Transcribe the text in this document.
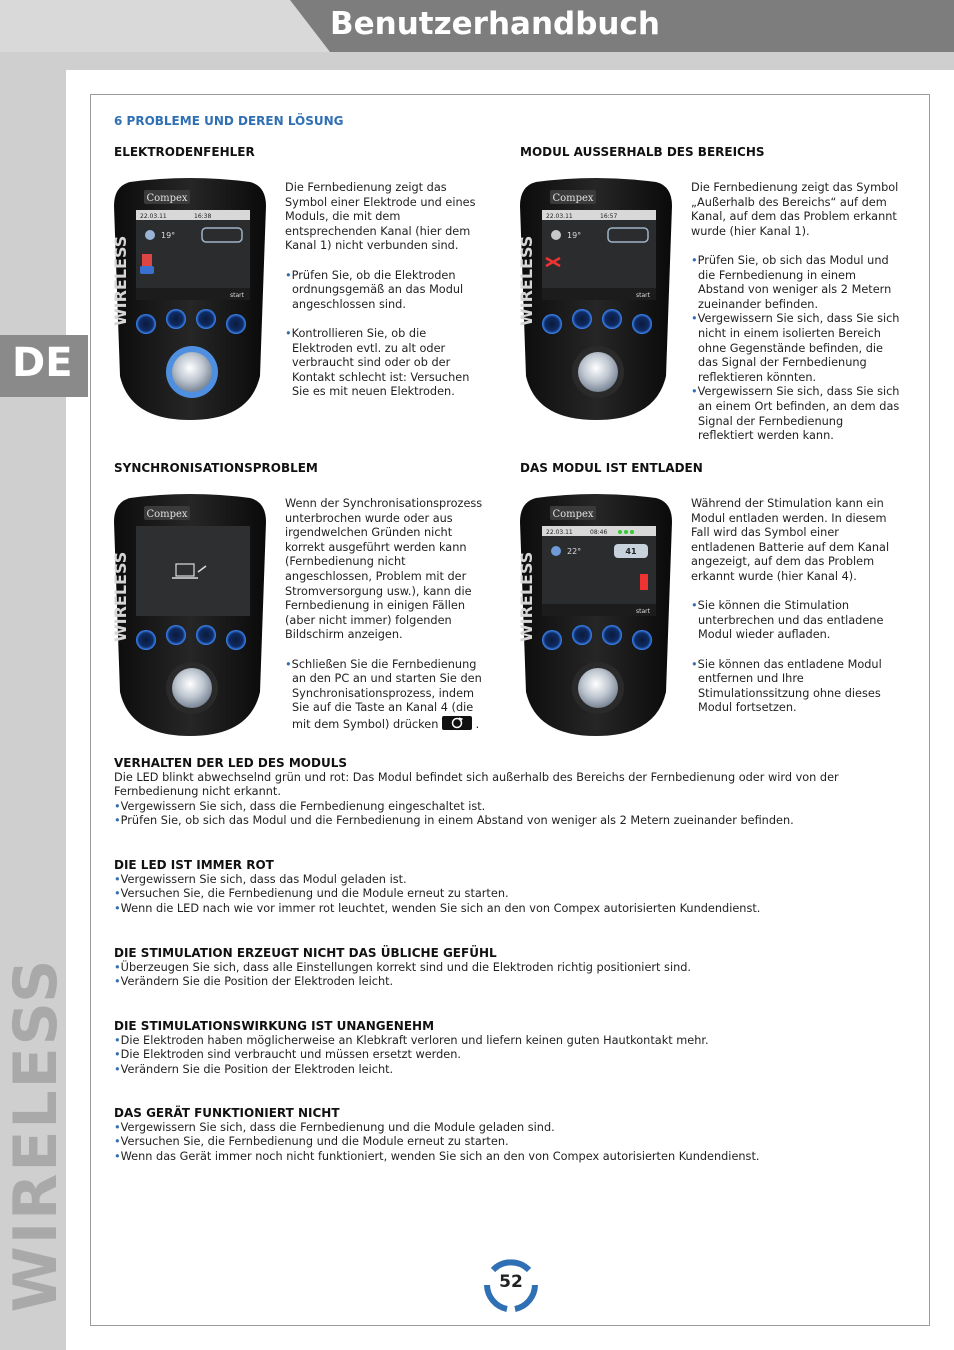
Benutzerhandbuch
DE
WIRELESS
6 PROBLEME UND DEREN LÖSUNG
ELEKTRODENFEHLER	MODUL AUSSERHALB DES BEREICHS
SYNCHRONISATIONSPROBLEM	DAS MODUL IST ENTLADEN
Compex
22.03.11	16:38
19°
start
WIRELESS
Compex
22.03.11	16:57
19°
start
WIRELESS
Compex
WIRELESS
Compex
22.03.11	08:46
22°	41
start
WIRELESS

Die Fernbedienung zeigt das Symbol einer Elektrode und eines Moduls, die mit dem entsprechenden Kanal (hier dem Kanal 1) nicht verbunden sind.

• Prüfen Sie, ob die Elektroden ordnungsgemäß an das Modul angeschlossen sind.

• Kontrollieren Sie, ob die Elektroden evtl. zu alt oder verbraucht sind oder ob der Kontakt schlecht ist: Versuchen Sie es mit neuen Elektroden.

Die Fernbedienung zeigt das Symbol „Außerhalb des Bereichs“ auf dem Kanal, auf dem das Problem erkannt wurde (hier Kanal 1).

• Prüfen Sie, ob sich das Modul und die Fernbedienung in einem Abstand von weniger als 2 Metern zueinander befinden.

• Vergewissern Sie sich, dass Sie sich nicht in einem isolierten Bereich ohne Gegenstände befinden, die das Signal der Fernbedienung reflektieren könnten.

• Vergewissern Sie sich, dass Sie sich an einem Ort befinden, an dem das Signal der Fernbedienung reflektiert werden kann.

Wenn der Synchronisationsprozess unterbrochen wurde oder aus irgendwelchen Gründen nicht korrekt ausgeführt werden kann (Fernbedienung nicht angeschlossen, Problem mit der Stromversorgung usw.), kann die Fernbedienung in einigen Fällen (aber nicht immer) folgenden Bildschirm anzeigen.

• Schließen Sie die Fernbedienung an den PC an und starten Sie den Synchronisationsprozess, indem Sie auf die Taste an Kanal 4 (die mit dem Symbol) drücken	.

Während der Stimulation kann ein Modul entladen werden. In diesem Fall wird das Symbol einer entladenen Batterie auf dem Kanal angezeigt, auf dem das Problem erkannt wurde (hier Kanal 4).

• Sie können die Stimulation unterbrechen und das entladene Modul wieder aufladen.

• Sie können das entladene Modul entfernen und Ihre Stimulationssitzung ohne dieses Modul fortsetzen.

VERHALTEN DER LED DES MODULS
Die LED blinkt abwechselnd grün und rot: Das Modul befindet sich außerhalb des Bereichs der Fernbedienung oder wird von der
Fernbedienung nicht erkannt.
• Vergewissern Sie sich, dass die Fernbedienung eingeschaltet ist.
• Prüfen Sie, ob sich das Modul und die Fernbedienung in einem Abstand von weniger als 2 Metern zueinander befinden.
DIE LED IST IMMER ROT
• Vergewissern Sie sich, dass das Modul geladen ist.
• Versuchen Sie, die Fernbedienung und die Module erneut zu starten.
• Wenn die LED nach wie vor immer rot leuchtet, wenden Sie sich an den von Compex autorisierten Kundendienst.
DIE STIMULATION ERZEUGT NICHT DAS ÜBLICHE GEFÜHL
• Überzeugen Sie sich, dass alle Einstellungen korrekt sind und die Elektroden richtig positioniert sind.
• Verändern Sie die Position der Elektroden leicht.
DIE STIMULATIONSWIRKUNG IST UNANGENEHM
• Die Elektroden haben möglicherweise an Klebkraft verloren und liefern keinen guten Hautkontakt mehr.
• Die Elektroden sind verbraucht und müssen ersetzt werden.
• Verändern Sie die Position der Elektroden leicht.
DAS GERÄT FUNKTIONIERT NICHT
• Vergewissern Sie sich, dass die Fernbedienung und die Module geladen sind.
• Versuchen Sie, die Fernbedienung und die Module erneut zu starten.
• Wenn das Gerät immer noch nicht funktioniert, wenden Sie sich an den von Compex autorisierten Kundendienst.
52
